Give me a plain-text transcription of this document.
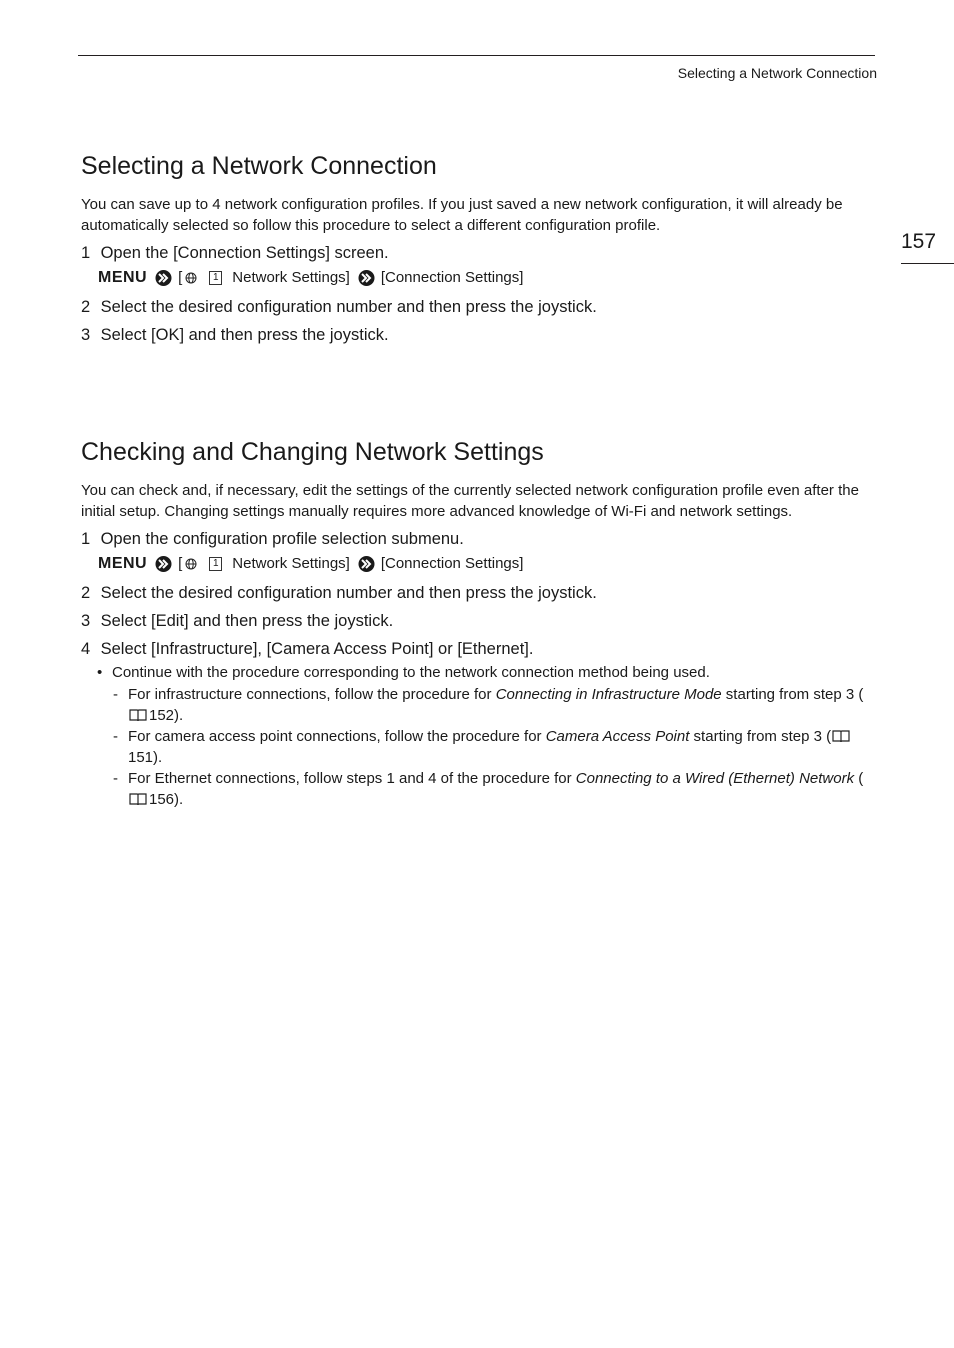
Selecting a Network Connection
157
Selecting a Network Connection

You can save up to 4 network configuration profiles. If you just saved a new network configuration, it will already be automatically selected so follow this procedure to select a different configuration profile.

1 Open the [Connection Settings] screen.

MENU [	1 Network Settings] [Connection Settings]

2 Select the desired configuration number and then press the joystick.

3 Select [OK] and then press the joystick.

Checking and Changing Network Settings

You can check and, if necessary, edit the settings of the currently selected network configuration profile even after the initial setup. Changing settings manually requires more advanced knowledge of Wi-Fi and network settings.

1 Open the configuration profile selection submenu.

MENU [	1 Network Settings] [Connection Settings]

2 Select the desired configuration number and then press the joystick.

3 Select [Edit] and then press the joystick.

4 Select [Infrastructure], [Camera Access Point] or [Ethernet].

• Continue with the procedure corresponding to the network connection method being used.

- For infrastructure connections, follow the procedure for Connecting in Infrastructure Mode starting from step 3 (152).

- For camera access point connections, follow the procedure for Camera Access Point starting from step 3 (151).

- For Ethernet connections, follow steps 1 and 4 of the procedure for Connecting to a Wired (Ethernet) Network (156).
